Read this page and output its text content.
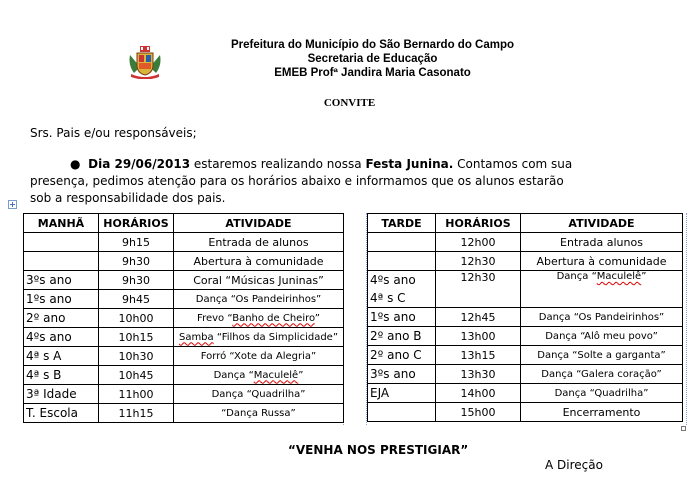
Prefeitura do Município do São Bernardo do Campo
Secretaria de Educação
EMEB Profª Jandira Maria Casonato
CONVITE
Srs. Pais e/ou responsáveis;
● Dia 29/06/2013 estaremos realizando nossa Festa Junina. Contamos com sua
presença, pedimos atenção para os horários abaixo e informamos que os alunos estarão
sob a responsabilidade dos pais.
MANHÃ	HORÁRIOS	ATIVIDADE
	9h15	Entrada de alunos
	9h30	Abertura à comunidade
3ºs ano	9h30	Coral “Músicas Juninas”
1ºs ano	9h45	Dança “Os Pandeirinhos”
2º ano	10h00	Frevo “Banho de Cheiro”
4ºs ano	10h15	Samba “Filhos da Simplicidade”
4ª s A	10h30	Forró “Xote da Alegria”
4ª s B	10h45	Dança “Maculelê”
3ª Idade	11h00	Dança “Quadrilha”
T. Escola	11h15	“Dança Russa”
TARDE	HORÁRIOS	ATIVIDADE
	12h00	Entrada alunos
	12h30	Abertura à comunidade
4ºs ano	12h30	Dança “Maculelê”
4ª s C		
1ºs ano	12h45	Dança “Os Pandeirinhos”
2º ano B	13h00	Dança “Alô meu povo”
2º ano C	13h15	Dança “Solte a garganta”
3ºs ano	13h30	Dança “Galera coração”
EJA	14h00	Dança “Quadrilha”
	15h00	Encerramento
“VENHA NOS PRESTIGIAR”
A Direção
